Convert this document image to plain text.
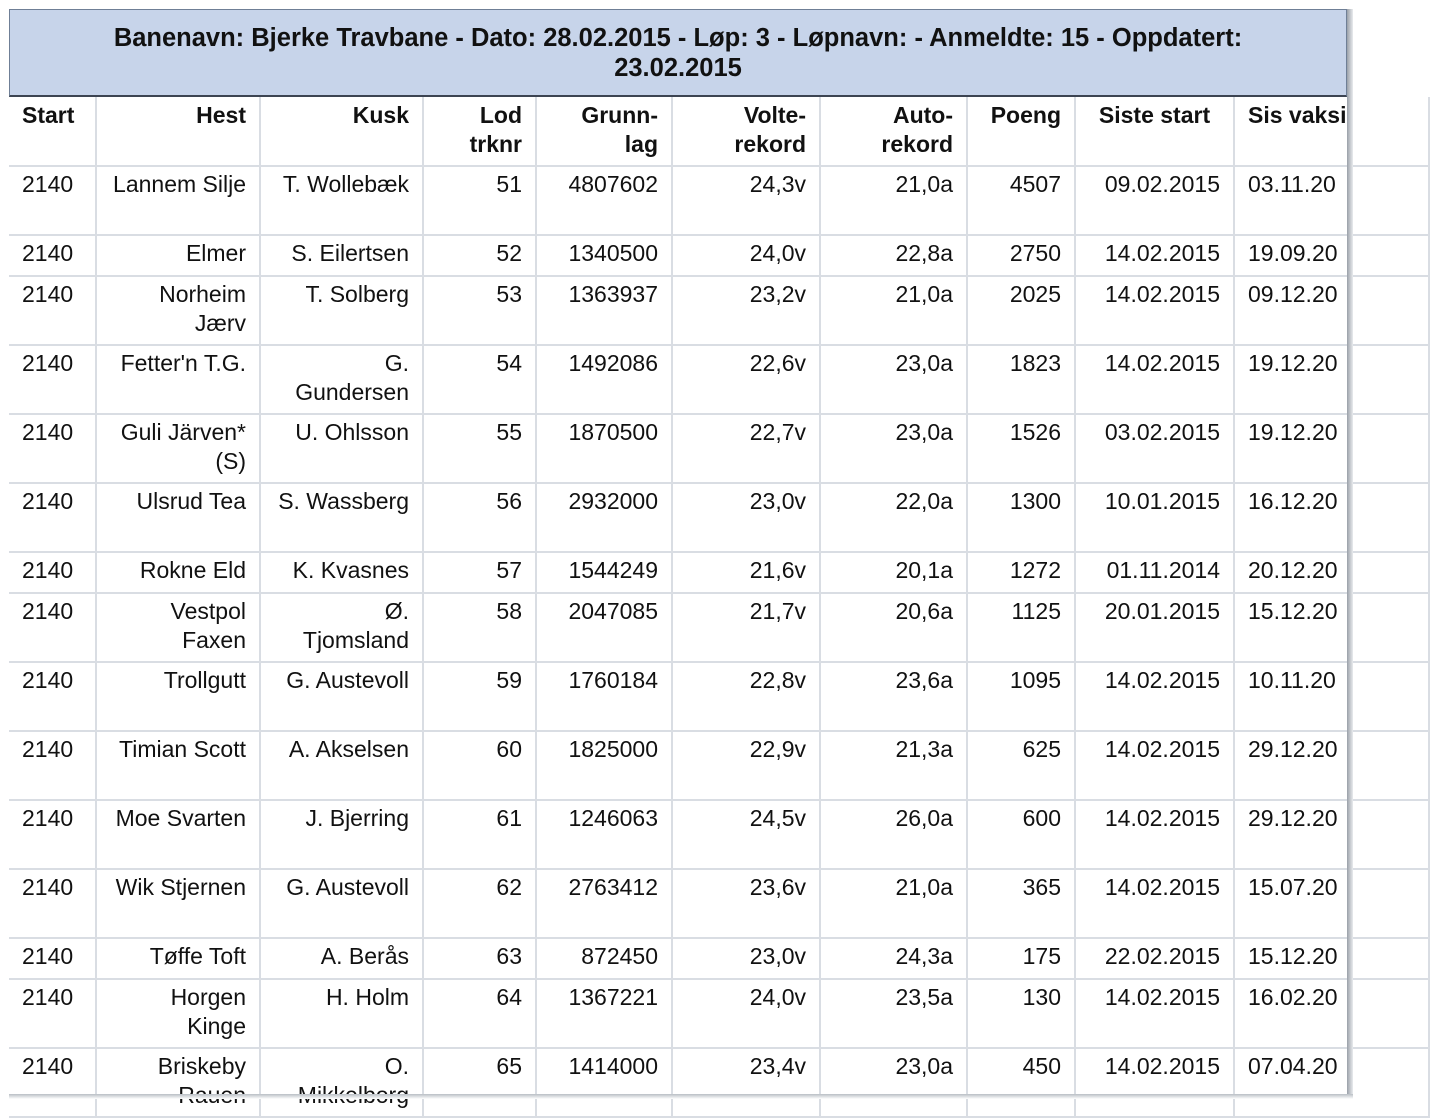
Banenavn: Bjerke Travbane - Dato: 28.02.2015 - Løp: 3 - Løpnavn: - Anmeldte: 15 - Oppdatert: 23.02.2015
Start	Hest	Kusk	Lod trknr	Grunn- lag	Volte- rekord	Auto- rekord	Poeng	Siste start	Sis vaksi
2140	Lannem Silje	T. Wollebæk	51	4807602	24,3v	21,0a	4507	09.02.2015	03.11.20
2140	Elmer	S. Eilertsen	52	1340500	24,0v	22,8a	2750	14.02.2015	19.09.20
2140	Norheim Jærv	T. Solberg	53	1363937	23,2v	21,0a	2025	14.02.2015	09.12.20
2140	Fetter'n T.G.	G. Gundersen	54	1492086	22,6v	23,0a	1823	14.02.2015	19.12.20
2140	Guli Järven* (S)	U. Ohlsson	55	1870500	22,7v	23,0a	1526	03.02.2015	19.12.20
2140	Ulsrud Tea	S. Wassberg	56	2932000	23,0v	22,0a	1300	10.01.2015	16.12.20
2140	Rokne Eld	K. Kvasnes	57	1544249	21,6v	20,1a	1272	01.11.2014	20.12.20
2140	Vestpol Faxen	Ø. Tjomsland	58	2047085	21,7v	20,6a	1125	20.01.2015	15.12.20
2140	Trollgutt	G. Austevoll	59	1760184	22,8v	23,6a	1095	14.02.2015	10.11.20
2140	Timian Scott	A. Akselsen	60	1825000	22,9v	21,3a	625	14.02.2015	29.12.20
2140	Moe Svarten	J. Bjerring	61	1246063	24,5v	26,0a	600	14.02.2015	29.12.20
2140	Wik Stjernen	G. Austevoll	62	2763412	23,6v	21,0a	365	14.02.2015	15.07.20
2140	Tøffe Toft	A. Berås	63	872450	23,0v	24,3a	175	22.02.2015	15.12.20
2140	Horgen Kinge	H. Holm	64	1367221	24,0v	23,5a	130	14.02.2015	16.02.20
2140	Briskeby	O.	65	1414000	23,4v	23,0a	450	14.02.2015	07.04.20
